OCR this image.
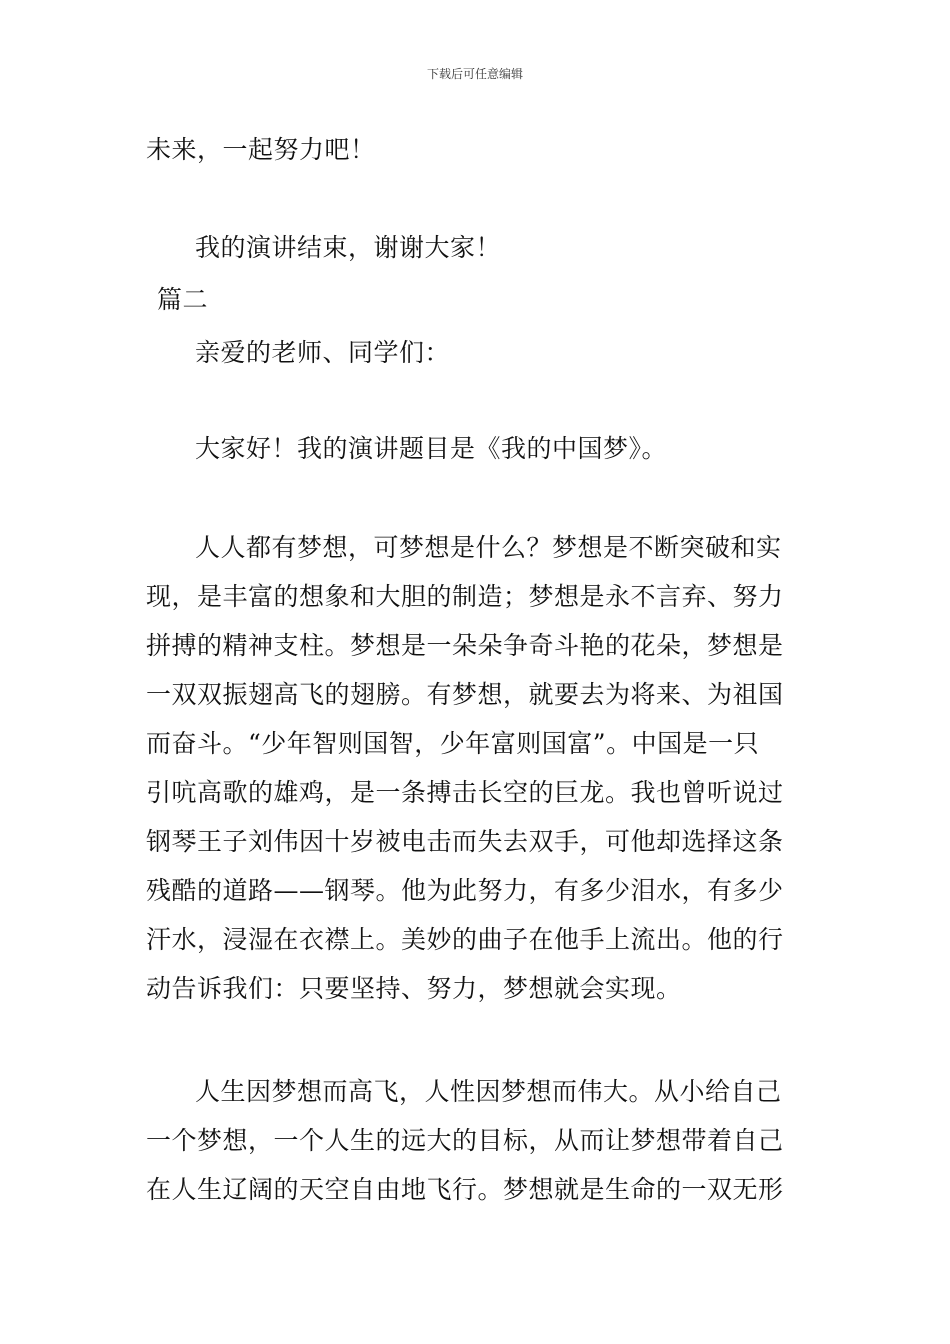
下载后可任意编辑
未来，一起努力吧！
我的演讲结束，谢谢大家！
篇二
亲爱的老师、同学们：
大家好！我的演讲题目是《我的中国梦》。
人人都有梦想，可梦想是什么？梦想是不断突破和实
现，是丰富的想象和大胆的制造；梦想是永不言弃、努力
拼搏的精神支柱。梦想是一朵朵争奇斗艳的花朵，梦想是
一双双振翅高飞的翅膀。有梦想，就要去为将来、为祖国
而奋斗。“少年智则国智，少年富则国富”。中国是一只
引吭高歌的雄鸡，是一条搏击长空的巨龙。我也曾听说过
钢琴王子刘伟因十岁被电击而失去双手，可他却选择这条
残酷的道路——钢琴。他为此努力，有多少泪水，有多少
汗水，浸湿在衣襟上。美妙的曲子在他手上流出。他的行
动告诉我们：只要坚持、努力，梦想就会实现。
人生因梦想而高飞，人性因梦想而伟大。从小给自己
一个梦想，一个人生的远大的目标，从而让梦想带着自己
在人生辽阔的天空自由地飞行。梦想就是生命的一双无形
